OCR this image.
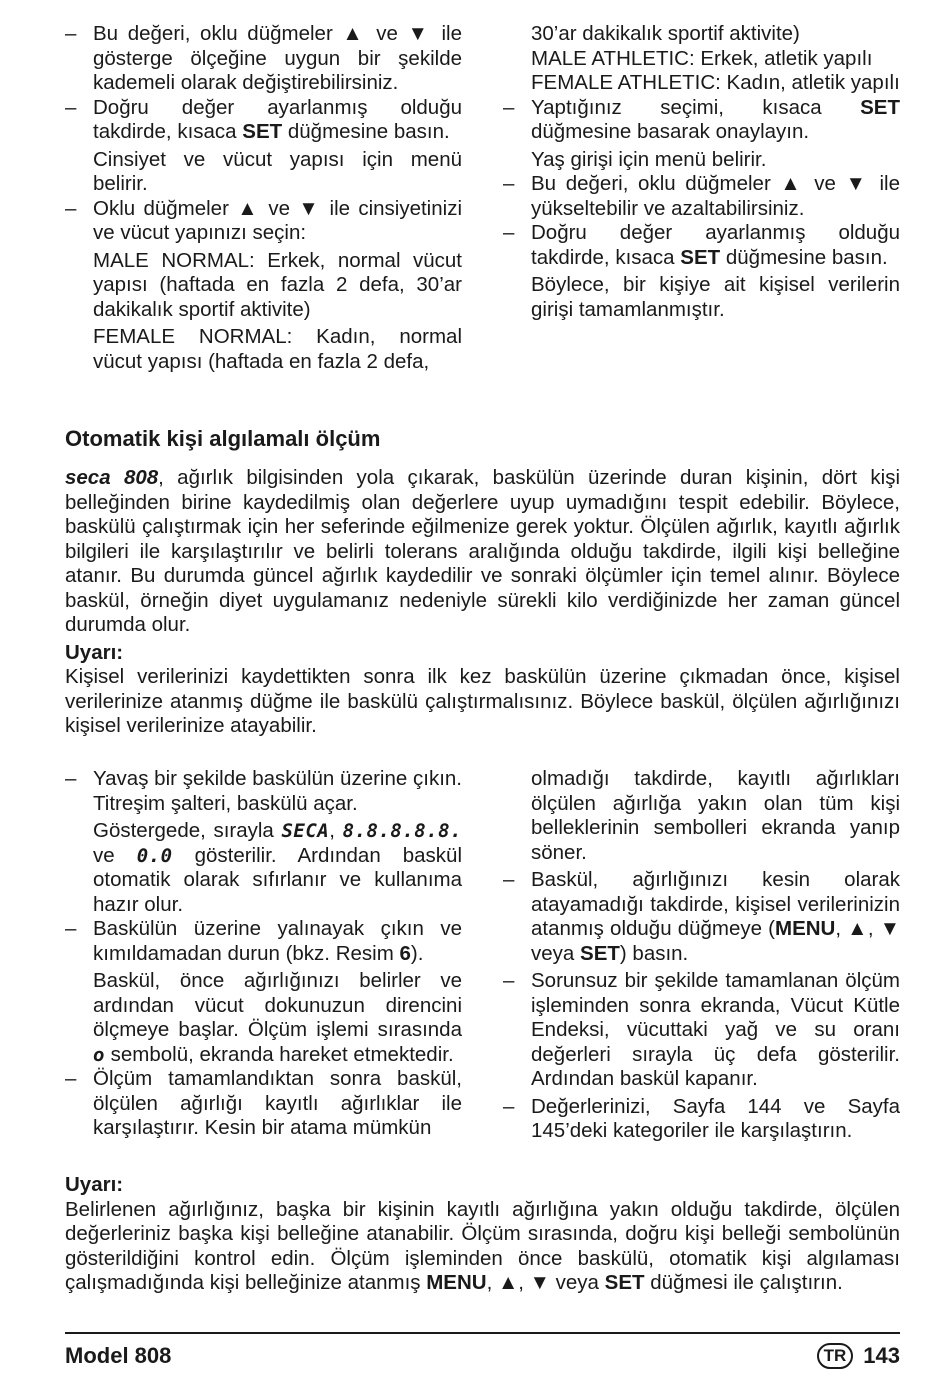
– Bu değeri, oklu düğmeler ▲ ve ▼ ile gösterge ölçeğine uygun bir şekilde kademeli olarak değiştirebilirsiniz.

– Doğru değer ayarlanmış olduğu takdirde, kısaca SET düğmesine basın.

Cinsiyet ve vücut yapısı için menü belirir.

– Oklu düğmeler ▲ ve ▼ ile cinsiyetinizi ve vücut yapınızı seçin:

MALE NORMAL: Erkek, normal vücut yapısı (haftada en fazla 2 defa, 30’ar dakikalık sportif aktivite)

FEMALE NORMAL: Kadın, normal vücut yapısı (haftada en fazla 2 defa,

30’ar dakikalık sportif aktivite)

MALE ATHLETIC: Erkek, atletik yapılı

FEMALE ATHLETIC: Kadın, atletik yapılı

– Yaptığınız seçimi, kısaca SET düğmesine basarak onaylayın.

Yaş girişi için menü belirir.

– Bu değeri, oklu düğmeler ▲ ve ▼ ile yükseltebilir ve azaltabilirsiniz.

– Doğru değer ayarlanmış olduğu takdirde, kısaca SET düğmesine basın.

Böylece, bir kişiye ait kişisel verilerin girişi tamamlanmıştır.

Otomatik kişi algılamalı ölçüm

seca 808, ağırlık bilgisinden yola çıkarak, baskülün üzerinde duran kişinin, dört kişi belleğinden birine kaydedilmiş olan değerlere uyup uymadığını tespit edebilir. Böylece, baskülü çalıştırmak için her seferinde eğilmenize gerek yoktur. Ölçülen ağırlık, kayıtlı ağırlık bilgileri ile karşılaştırılır ve belirli tolerans aralığında olduğu takdirde, ilgili kişi belleğine atanır. Bu durumda güncel ağırlık kaydedilir ve sonraki ölçümler için temel alınır. Böylece baskül, örneğin diyet uygulamanız nedeniyle sürekli kilo verdiğinizde her zaman güncel durumda olur.

Uyarı:

Kişisel verilerinizi kaydettikten sonra ilk kez baskülün üzerine çıkmadan önce, kişisel verilerinize atanmış düğme ile baskülü çalıştırmalısınız. Böylece baskül, ölçülen ağırlığınızı kişisel verilerinize atayabilir.

– Yavaş bir şekilde baskülün üzerine çıkın. Titreşim şalteri, baskülü açar.

Göstergede, sırayla SECA, 8.8.8.8.8. ve 0.0 gösterilir. Ardından baskül otomatik olarak sıfırlanır ve kullanıma hazır olur.

– Baskülün üzerine yalınayak çıkın ve kımıldamadan durun (bkz. Resim 6).

Baskül, önce ağırlığınızı belirler ve ardından vücut dokunuzun direncini ölçmeye başlar. Ölçüm işlemi sırasında o sembolü, ekranda hareket etmektedir.

– Ölçüm tamamlandıktan sonra baskül, ölçülen ağırlığı kayıtlı ağırlıklar ile karşılaştırır. Kesin bir atama mümkün

olmadığı takdirde, kayıtlı ağırlıkları ölçülen ağırlığa yakın olan tüm kişi belleklerinin sembolleri ekranda yanıp söner.

– Baskül, ağırlığınızı kesin olarak atayamadığı takdirde, kişisel verilerinizin atanmış olduğu düğmeye (MENU, ▲, ▼ veya SET) basın.

– Sorunsuz bir şekilde tamamlanan ölçüm işleminden sonra ekranda, Vücut Kütle Endeksi, vücuttaki yağ ve su oranı değerleri sırayla üç defa gösterilir. Ardından baskül kapanır.

– Değerlerinizi, Sayfa 144 ve Sayfa 145’deki kategoriler ile karşılaştırın.

Uyarı:

Belirlenen ağırlığınız, başka bir kişinin kayıtlı ağırlığına yakın olduğu takdirde, ölçülen değerleriniz başka kişi belleğine atanabilir. Ölçüm sırasında, doğru kişi belleği sembolünün gösterildiğini kontrol edin. Ölçüm işleminden önce baskülü, otomatik kişi algılaması çalışmadığında kişi belleğinize atanmış MENU, ▲, ▼ veya SET düğmesi ile çalıştırın.

Model 808	TR 143
